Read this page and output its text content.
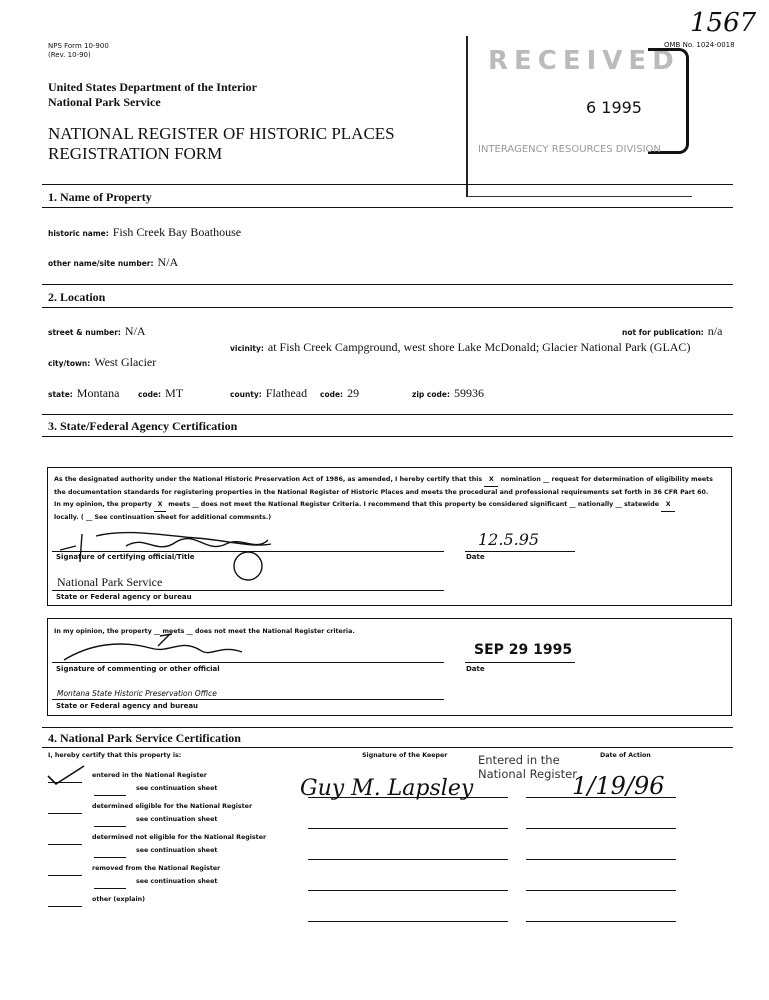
1567
NPS Form 10-900
(Rev. 10-90)	RECEIVED
6 1995
INTERAGENCY RESOURCES DIVISION
OMB No. 1024-0018
United States Department of the Interior
National Park Service
NATIONAL REGISTER OF HISTORIC PLACES
REGISTRATION FORM
1. Name of Property
historic name: Fish Creek Bay Boathouse
other name/site number: N/A
2. Location
street & number: N/A	not for publication: n/a
vicinity: at Fish Creek Campground, west shore Lake McDonald; Glacier National Park (GLAC)
city/town: West Glacier
state: Montana code: MT	county: Flathead code: 29	zip code: 59936
3. State/Federal Agency Certification
As the designated authority under the National Historic Preservation Act of 1986, as amended, I hereby certify that this X nomination __ request for determination of eligibility meets
the documentation standards for registering properties in the National Register of Historic Places and meets the procedural and professional requirements set forth in 36 CFR Part 60.
In my opinion, the property X meets __ does not meet the National Register Criteria. I recommend that this property be considered significant __ nationally __ statewide X
locally. ( __ See continuation sheet for additional comments.)
Signature of certifying official/Title
12.5.95
Date
National Park Service
State or Federal agency or bureau
In my opinion, the property __ meets __ does not meet the National Register criteria.
Signature of commenting or other official
SEP 29 1995
Date
Montana State Historic Preservation Office
State or Federal agency and bureau
4. National Park Service Certification
I, hereby certify that this property is:	Signature of the Keeper	Date of Action
Entered in the
National Register
Guy M. Lapsley	1/19/96
entered in the National Register
see continuation sheet
determined eligible for the National Register
see continuation sheet
determined not eligible for the National Register
see continuation sheet
removed from the National Register
see continuation sheet
other (explain)
